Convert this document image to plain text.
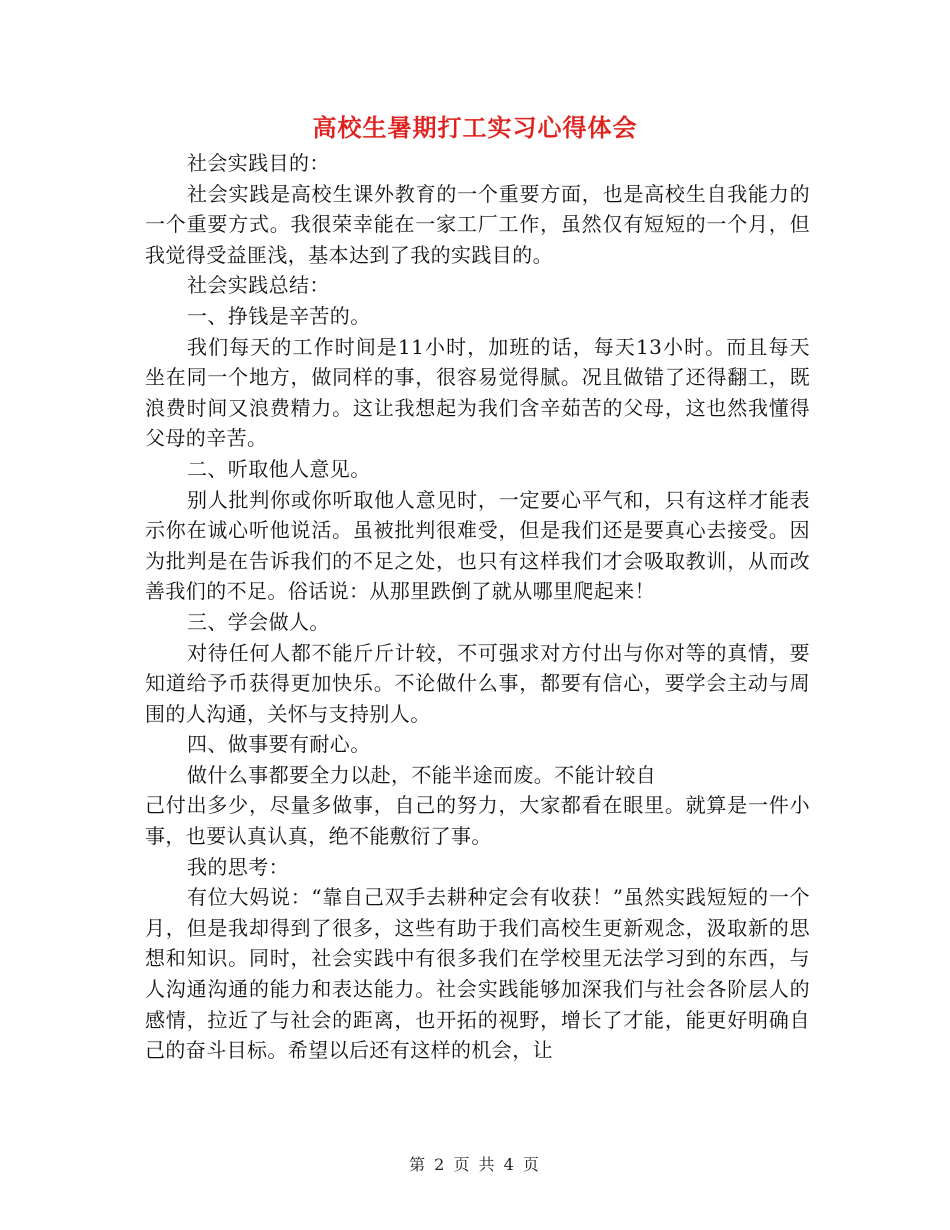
高校生暑期打工实习心得体会

社会实践目的：

社会实践是高校生课外教育的一个重要方面，也是高校生自我能力的一个重要方式。我很荣幸能在一家工厂工作，虽然仅有短短的一个月，但我觉得受益匪浅，基本达到了我的实践目的。

社会实践总结：

一、挣钱是辛苦的。

我们每天的工作时间是11小时，加班的话，每天13小时。而且每天坐在同一个地方，做同样的事，很容易觉得腻。况且做错了还得翻工，既浪费时间又浪费精力。这让我想起为我们含辛茹苦的父母，这也然我懂得父母的辛苦。

二、听取他人意见。

别人批判你或你听取他人意见时，一定要心平气和，只有这样才能表示你在诚心听他说活。虽被批判很难受，但是我们还是要真心去接受。因为批判是在告诉我们的不足之处，也只有这样我们才会吸取教训，从而改善我们的不足。俗话说：从那里跌倒了就从哪里爬起来！

三、学会做人。

对待任何人都不能斤斤计较，不可强求对方付出与你对等的真情，要知道给予币获得更加快乐。不论做什么事，都要有信心，要学会主动与周围的人沟通，关怀与支持别人。

四、做事要有耐心。

做什么事都要全力以赴，不能半途而废。不能计较自

己付出多少，尽量多做事，自己的努力，大家都看在眼里。就算是一件小事，也要认真认真，绝不能敷衍了事。

我的思考：

有位大妈说：“靠自己双手去耕种定会有收获！”虽然实践短短的一个月，但是我却得到了很多，这些有助于我们高校生更新观念，汲取新的思想和知识。同时，社会实践中有很多我们在学校里无法学习到的东西，与人沟通沟通的能力和表达能力。社会实践能够加深我们与社会各阶层人的感情，拉近了与社会的距离，也开拓的视野，增长了才能，能更好明确自己的奋斗目标。希望以后还有这样的机会，让

第 2 页 共 4 页
